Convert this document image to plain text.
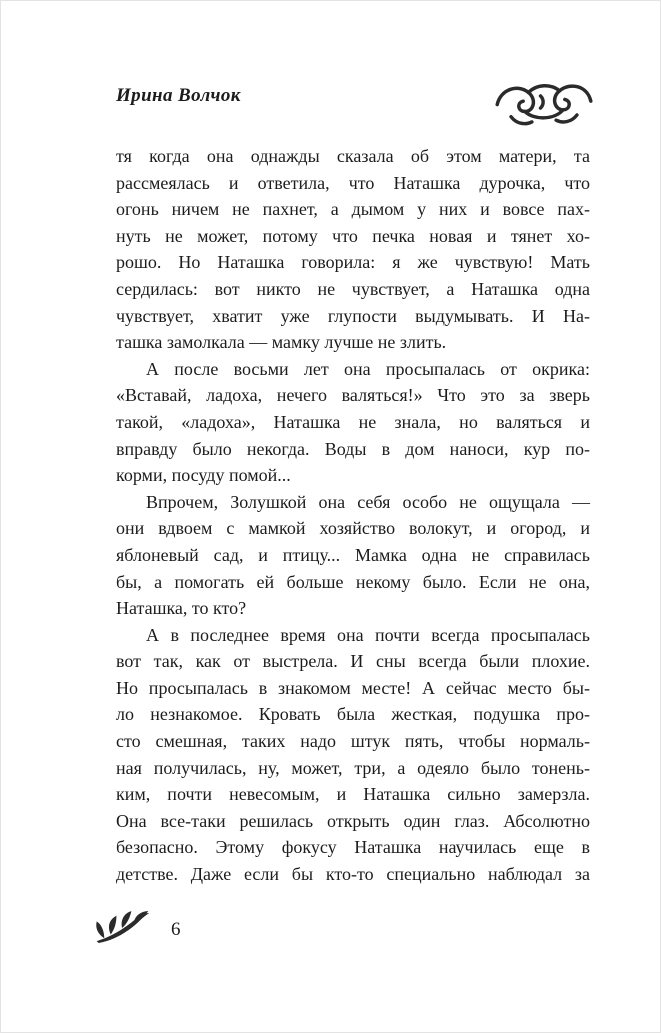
Ирина Волчок
тя когда она однажды сказала об этом матери, та
рассмеялась и ответила, что Наташка дурочка, что
огонь ничем не пахнет, а дымом у них и вовсе пах-
нуть не может, потому что печка новая и тянет хо-
рошо. Но Наташка говорила: я же чувствую! Мать
сердилась: вот никто не чувствует, а Наташка одна
чувствует, хватит уже глупости выдумывать. И На-
ташка замолкала — мамку лучше не злить.
А после восьми лет она просыпалась от окрика:
«Вставай, ладоха, нечего валяться!» Что это за зверь
такой, «ладоха», Наташка не знала, но валяться и
вправду было некогда. Воды в дом наноси, кур по-
корми, посуду помой...
Впрочем, Золушкой она себя особо не ощущала —
они вдвоем с мамкой хозяйство волокут, и огород, и
яблоневый сад, и птицу... Мамка одна не справилась
бы, а помогать ей больше некому было. Если не она,
Наташка, то кто?
А в последнее время она почти всегда просыпалась
вот так, как от выстрела. И сны всегда были плохие.
Но просыпалась в знакомом месте! А сейчас место бы-
ло незнакомое. Кровать была жесткая, подушка про-
сто смешная, таких надо штук пять, чтобы нормаль-
ная получилась, ну, может, три, а одеяло было тонень-
ким, почти невесомым, и Наташка сильно замерзла.
Она все-таки решилась открыть один глаз. Абсолютно
безопасно. Этому фокусу Наташка научилась еще в
детстве. Даже если бы кто-то специально наблюдал за
6
